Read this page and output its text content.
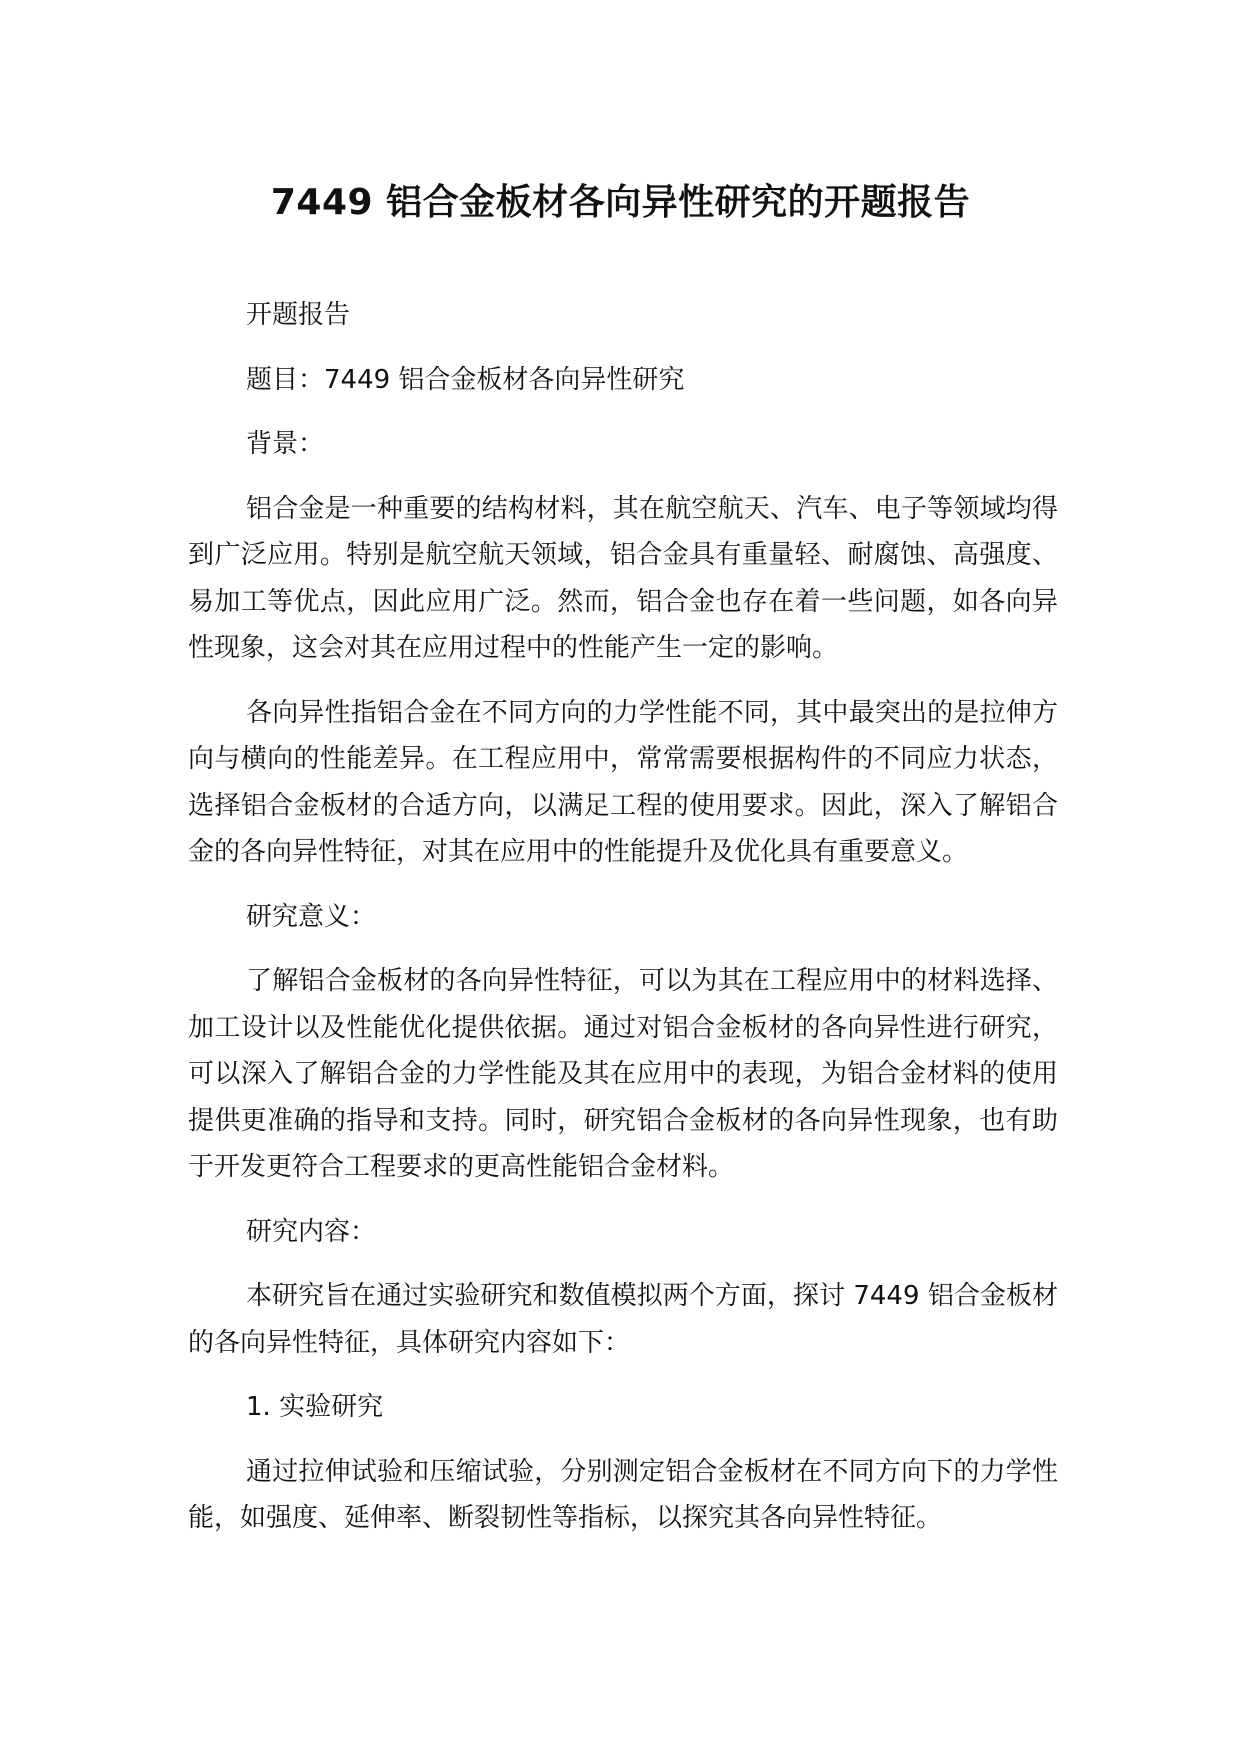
7449 铝合金板材各向异性研究的开题报告

开题报告

题目：7449 铝合金板材各向异性研究

背景：

铝合金是一种重要的结构材料，其在航空航天、汽车、电子等领域均得到广泛应用。特别是航空航天领域，铝合金具有重量轻、耐腐蚀、高强度、易加工等优点，因此应用广泛。然而，铝合金也存在着一些问题，如各向异性现象，这会对其在应用过程中的性能产生一定的影响。

各向异性指铝合金在不同方向的力学性能不同，其中最突出的是拉伸方向与横向的性能差异。在工程应用中，常常需要根据构件的不同应力状态，选择铝合金板材的合适方向，以满足工程的使用要求。因此，深入了解铝合金的各向异性特征，对其在应用中的性能提升及优化具有重要意义。

研究意义：

了解铝合金板材的各向异性特征，可以为其在工程应用中的材料选择、加工设计以及性能优化提供依据。通过对铝合金板材的各向异性进行研究，可以深入了解铝合金的力学性能及其在应用中的表现，为铝合金材料的使用提供更准确的指导和支持。同时，研究铝合金板材的各向异性现象，也有助于开发更符合工程要求的更高性能铝合金材料。

研究内容：

本研究旨在通过实验研究和数值模拟两个方面，探讨 7449 铝合金板材的各向异性特征，具体研究内容如下：

1. 实验研究

通过拉伸试验和压缩试验，分别测定铝合金板材在不同方向下的力学性能，如强度、延伸率、断裂韧性等指标，以探究其各向异性特征。
